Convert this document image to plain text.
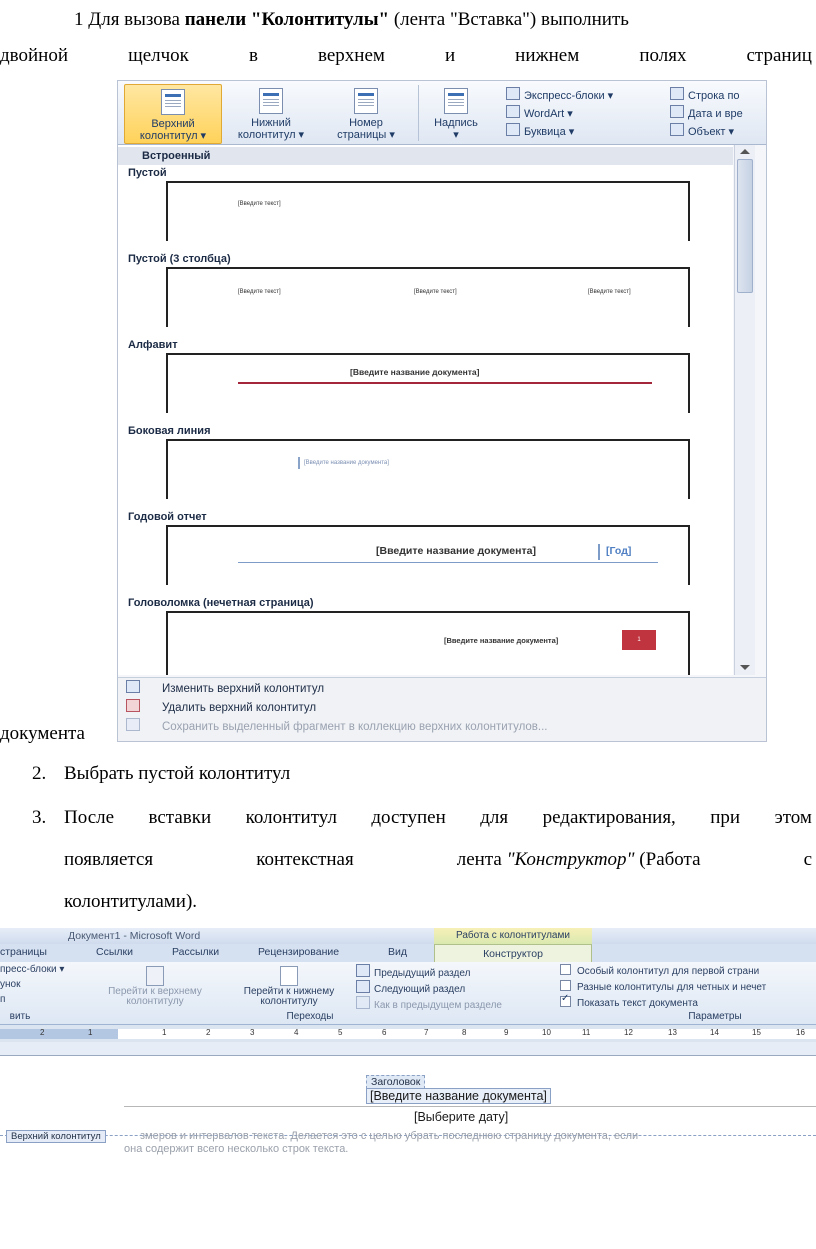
1 Для вызова панели "Колонтитулы" (лента "Вставка") выполнить
двойной	щелчок	в	верхнем	и	нижнем	полях	страниц
документа
Верхний
колонтитул ▾
Нижний
колонтитул ▾
Номер
страницы ▾
Надпись
▾
Экспресс-блоки ▾
WordArt ▾
Буквица ▾
Строка по
Дата и вре
Объект ▾
Встроенный
Пустой
[Введите текст]
Пустой (3 столбца)
[Введите текст]	[Введите текст]	[Введите текст]
Алфавит
[Введите название документа]
Боковая линия
[Введите название документа]
Годовой отчет
[Введите название документа]	[Год]
Головоломка (нечетная страница)
[Введите название документа]	1
Изменить верхний колонтитул
Удалить верхний колонтитул
Сохранить выделенный фрагмент в коллекцию верхних колонтитулов...
2. Выбрать пустой колонтитул
3. После вставки колонтитул доступен для редактирования, при этом
появляется	контекстная	лента "Конструктор" (Работа	с
колонтитулами).
Документ1 - Microsoft Word	Работа с колонтитулами
страницы	Ссылки	Рассылки	Рецензирование	Вид	Конструктор
пресс-блоки ▾
унок
п
Перейти к верхнему
колонтитулу
Перейти к нижнему
колонтитулу
Предыдущий раздел
Следующий раздел
Как в предыдущем разделе
Особый колонтитул для первой страни
Разные колонтитулы для четных и нечет
✓Показать текст документа
вить	Переходы	Параметры
2	1	1	2	3	4	5	6	7	8	9	10	11	12	13	14	15	16
Заголовок
[Введите название документа]
[Выберите дату]
Верхний колонтитул	змеров и интервалов текста. Делается это с целью убрать последнюю страницу документа, если
она содержит всего несколько строк текста.
